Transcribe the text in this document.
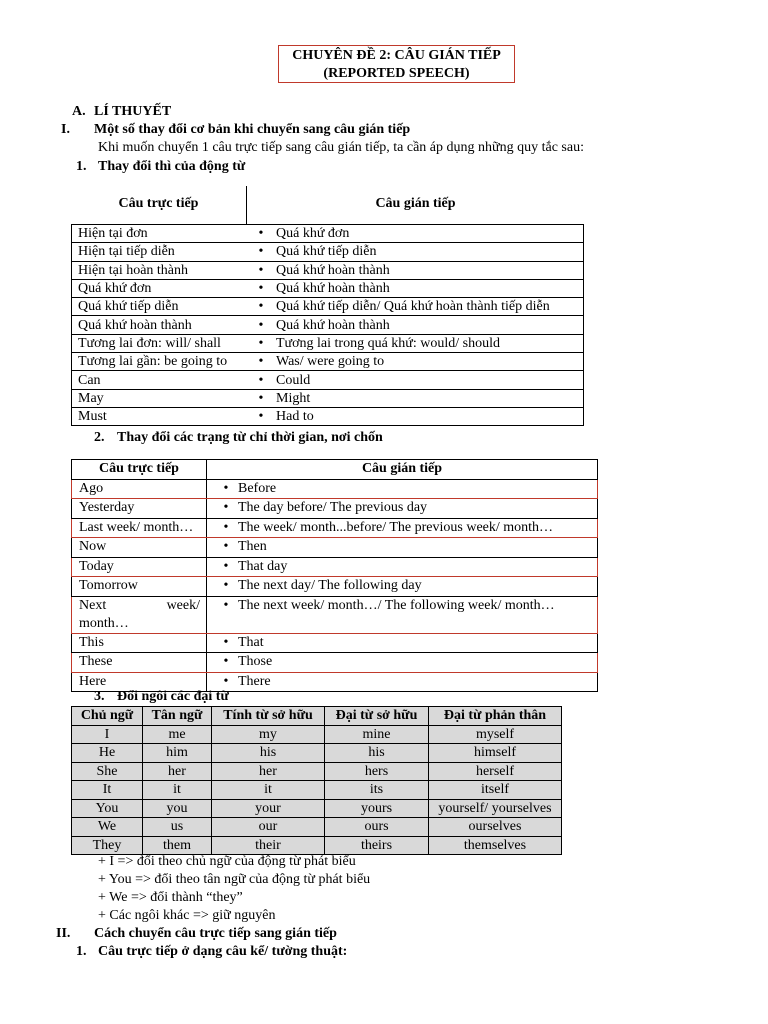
CHUYÊN ĐỀ 2: CÂU GIÁN TIẾP
(REPORTED SPEECH)
A. LÍ THUYẾT
I. Một số thay đổi cơ bản khi chuyển sang câu gián tiếp
Khi muốn chuyển 1 câu trực tiếp sang câu gián tiếp, ta cần áp dụng những quy tắc sau:
1. Thay đổi thì của động từ
Câu trực tiếp	Câu gián tiếp
Hiện tại đơn	• Quá khứ đơn
Hiện tại tiếp diễn	• Quá khứ tiếp diễn
Hiện tại hoàn thành	• Quá khứ hoàn thành
Quá khứ đơn	• Quá khứ hoàn thành
Quá khứ tiếp diễn	• Quá khứ tiếp diễn/ Quá khứ hoàn thành tiếp diễn
Quá khứ hoàn thành	• Quá khứ hoàn thành
Tương lai đơn: will/ shall	• Tương lai trong quá khứ: would/ should
Tương lai gần: be going to	• Was/ were going to
Can	• Could
May	• Might
Must	• Had to
2. Thay đổi các trạng từ chỉ thời gian, nơi chốn
Câu trực tiếp	Câu gián tiếp
Ago	• Before
Yesterday	• The day before/ The previous day
Last week/ month…	• The week/ month...before/ The previous week/ month…
Now	• Then
Today	• That day
Tomorrow	• The next day/ The following day

Next week/
month…	• The next week/ month…/ The following week/ month…
This	• That
These	• Those
Here	• There
3. Đổi ngôi các đại từ
Chủ ngữ	Tân ngữ	Tính từ sở hữu	Đại từ sở hữu	Đại từ phản thân
I	me	my	mine	myself
He	him	his	his	himself
She	her	her	hers	herself
It	it	it	its	itself
You	you	your	yours	yourself/ yourselves
We	us	our	ours	ourselves
They	them	their	theirs	themselves
+ I => đổi theo chủ ngữ của động từ phát biểu
+ You => đổi theo tân ngữ của động từ phát biểu
+ We => đổi thành “they”
+ Các ngôi khác => giữ nguyên
II. Cách chuyển câu trực tiếp sang gián tiếp
1. Câu trực tiếp ở dạng câu kể/ tường thuật:
